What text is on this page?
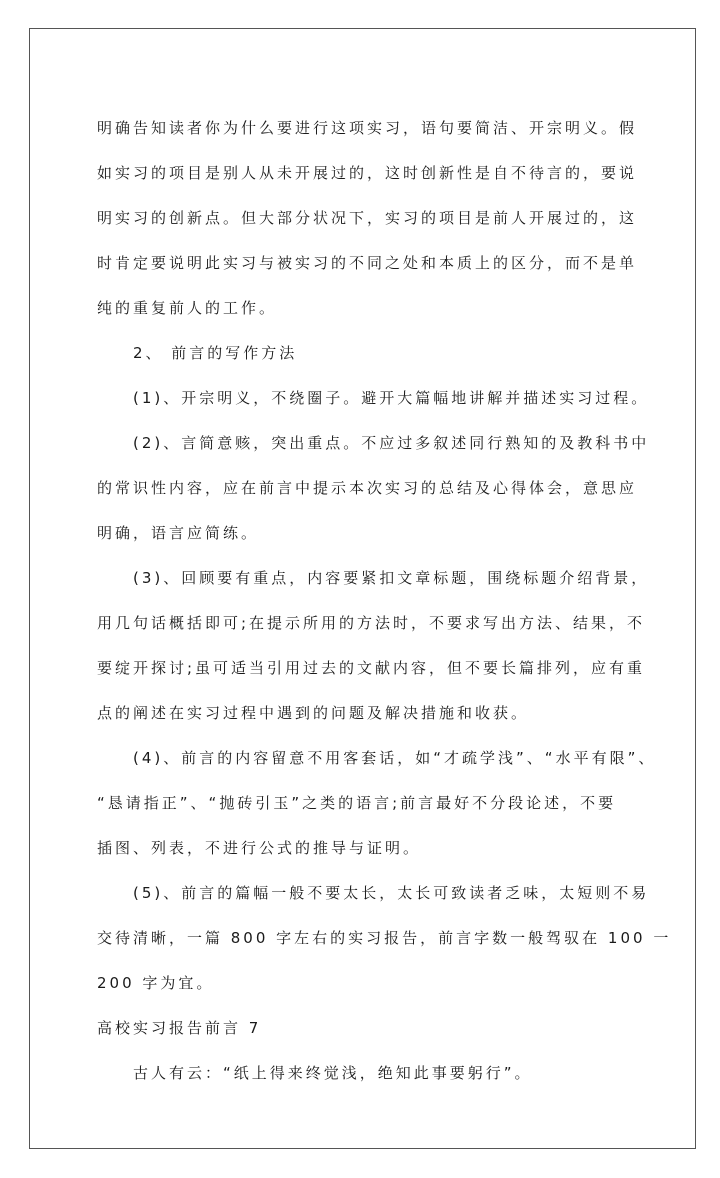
明确告知读者你为什么要进行这项实习，语句要简洁、开宗明义。假
如实习的项目是别人从未开展过的，这时创新性是自不待言的，要说
明实习的创新点。但大部分状况下，实习的项目是前人开展过的，这
时肯定要说明此实习与被实习的不同之处和本质上的区分，而不是单
纯的重复前人的工作。
2、 前言的写作方法
(1)、开宗明义，不绕圈子。避开大篇幅地讲解并描述实习过程。
(2)、言简意赅，突出重点。不应过多叙述同行熟知的及教科书中
的常识性内容，应在前言中提示本次实习的总结及心得体会，意思应
明确，语言应简练。
(3)、回顾要有重点，内容要紧扣文章标题，围绕标题介绍背景，
用几句话概括即可;在提示所用的方法时，不要求写出方法、结果，不
要绽开探讨;虽可适当引用过去的文献内容，但不要长篇排列，应有重
点的阐述在实习过程中遇到的问题及解决措施和收获。
(4)、前言的内容留意不用客套话，如“才疏学浅”、“水平有限”、
“恳请指正”、“抛砖引玉”之类的语言;前言最好不分段论述，不要
插图、列表，不进行公式的推导与证明。
(5)、前言的篇幅一般不要太长，太长可致读者乏味，太短则不易
交待清晰，一篇 800 字左右的实习报告，前言字数一般驾驭在 100 一
200 字为宜。
高校实习报告前言 7
古人有云：“纸上得来终觉浅，绝知此事要躬行”。
